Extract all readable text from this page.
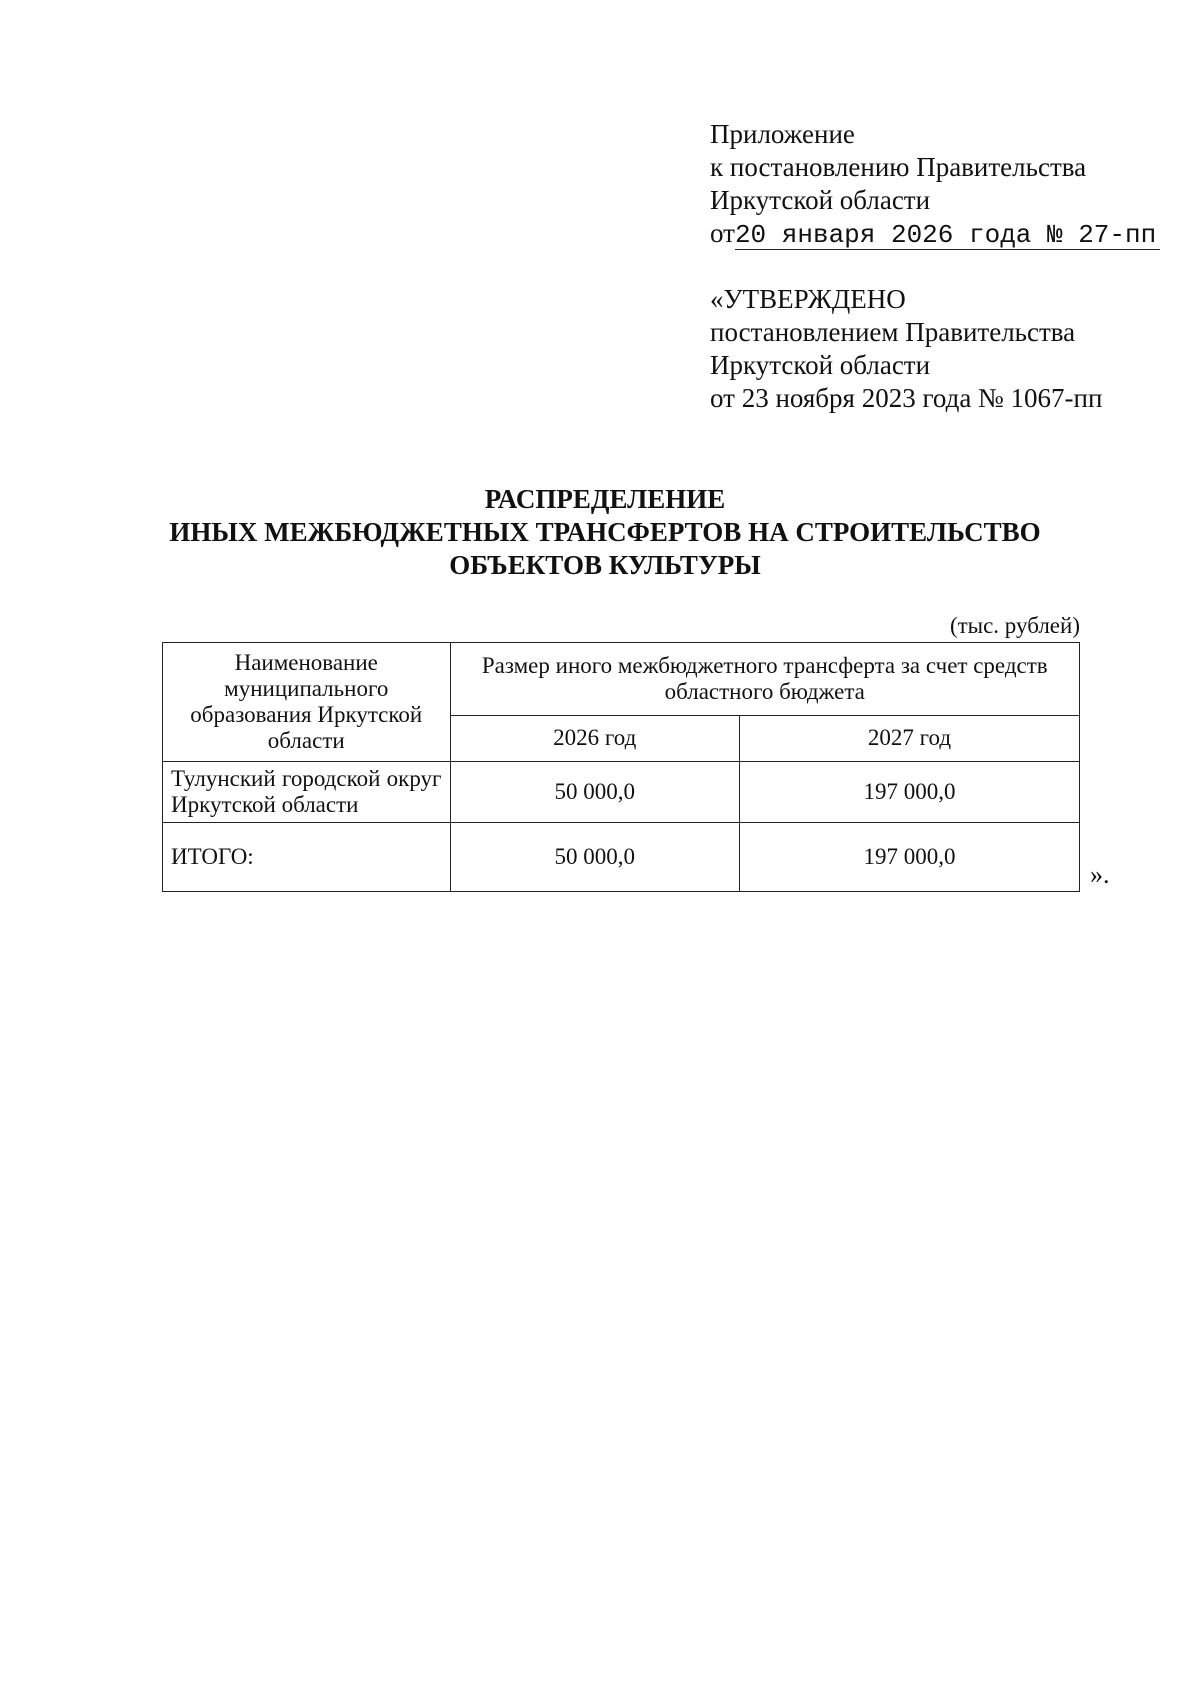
Приложение
к постановлению Правительства
Иркутской области
от20 января 2026 года № 27-пп
«УТВЕРЖДЕНО
постановлением Правительства
Иркутской области
от 23 ноября 2023 года № 1067-пп
РАСПРЕДЕЛЕНИЕ
ИНЫХ МЕЖБЮДЖЕТНЫХ ТРАНСФЕРТОВ НА СТРОИТЕЛЬСТВО
ОБЪЕКТОВ КУЛЬТУРЫ
(тыс. рублей)
Наименование муниципального образования Иркутской области	Размер иного межбюджетного трансферта за счет средств областного бюджета	
	2026 год	2027 год
Тулунский городской округ Иркутской области	50 000,0	197 000,0
ИТОГО:	50 000,0	197 000,0
».
